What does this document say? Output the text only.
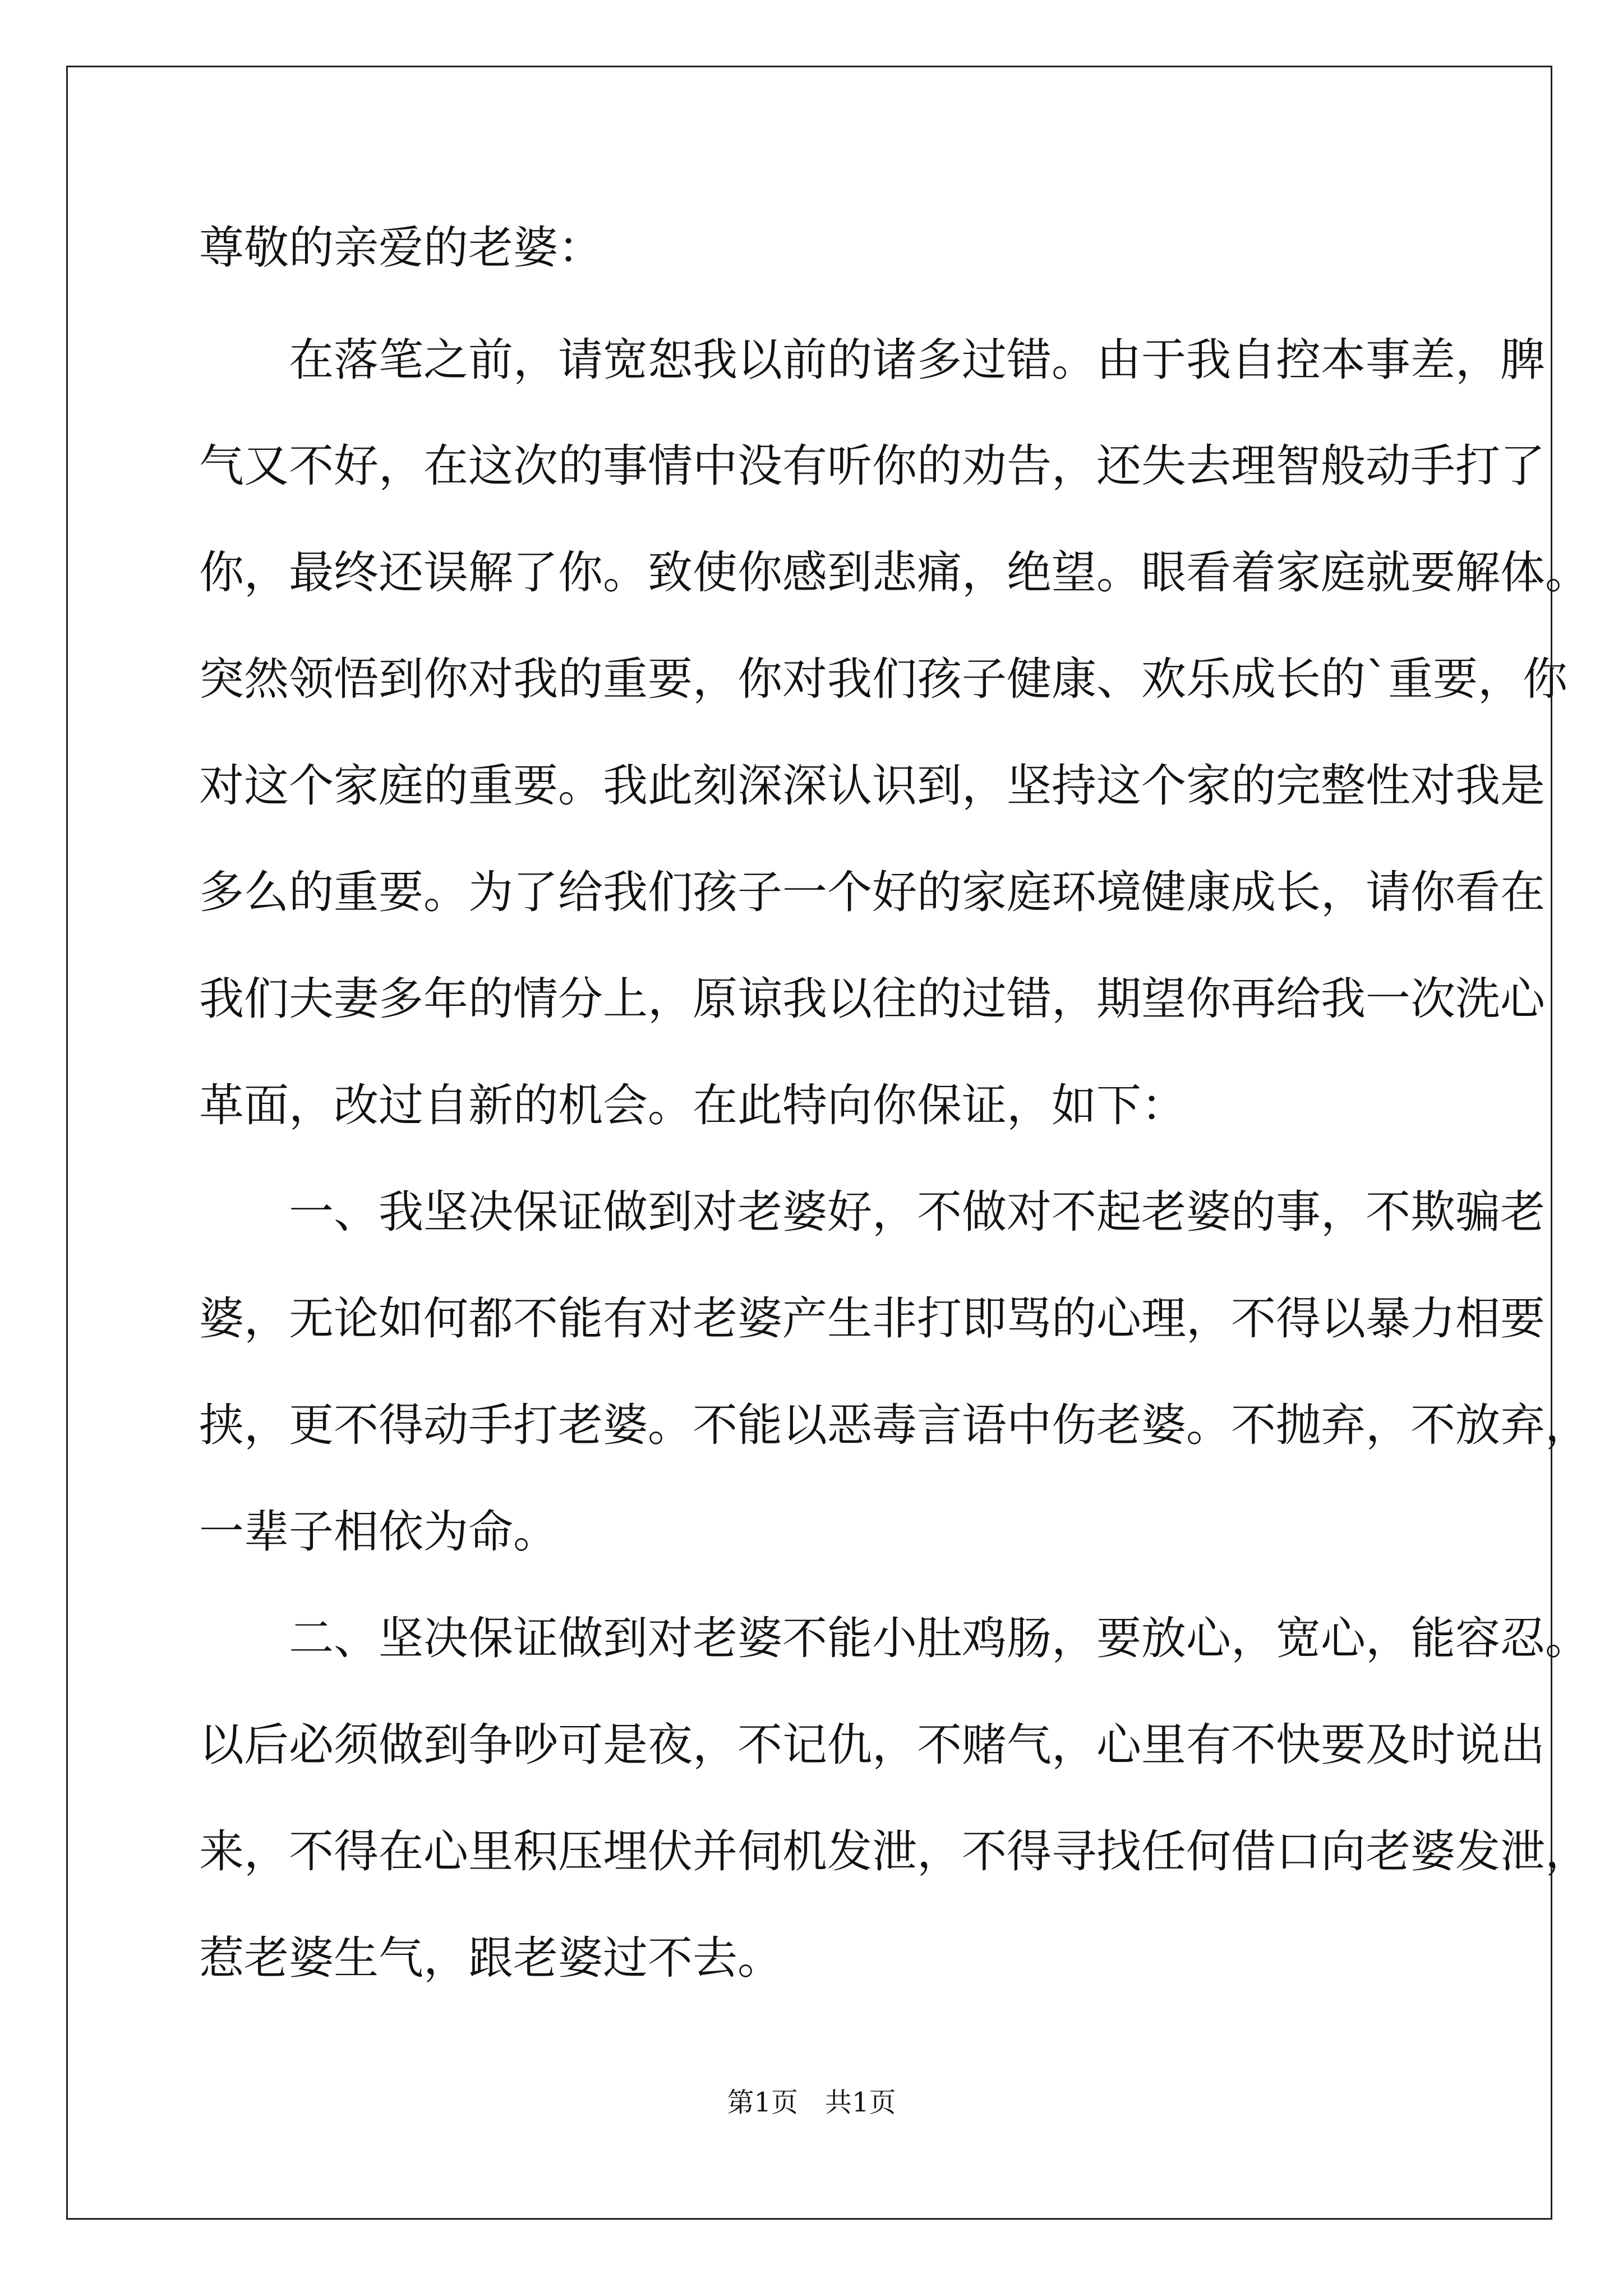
尊敬的亲爱的老婆：

　　在落笔之前，请宽恕我以前的诸多过错。由于我自控本事差，脾

气又不好，在这次的事情中没有听你的劝告，还失去理智般动手打了

你，最终还误解了你。致使你感到悲痛，绝望。眼看着家庭就要解体。

突然领悟到你对我的重要，你对我们孩子健康、欢乐成长的`重要，你

对这个家庭的重要。我此刻深深认识到，坚持这个家的完整性对我是

多么的重要。为了给我们孩子一个好的家庭环境健康成长，请你看在

我们夫妻多年的情分上，原谅我以往的过错，期望你再给我一次洗心

革面，改过自新的机会。在此特向你保证，如下：

　　一、我坚决保证做到对老婆好，不做对不起老婆的事，不欺骗老

婆，无论如何都不能有对老婆产生非打即骂的心理，不得以暴力相要

挟，更不得动手打老婆。不能以恶毒言语中伤老婆。不抛弃，不放弃，

一辈子相依为命。

　　二、坚决保证做到对老婆不能小肚鸡肠，要放心，宽心，能容忍。

以后必须做到争吵可是夜，不记仇，不赌气，心里有不快要及时说出

来，不得在心里积压埋伏并伺机发泄，不得寻找任何借口向老婆发泄，

惹老婆生气，跟老婆过不去。

第1页　共1页
